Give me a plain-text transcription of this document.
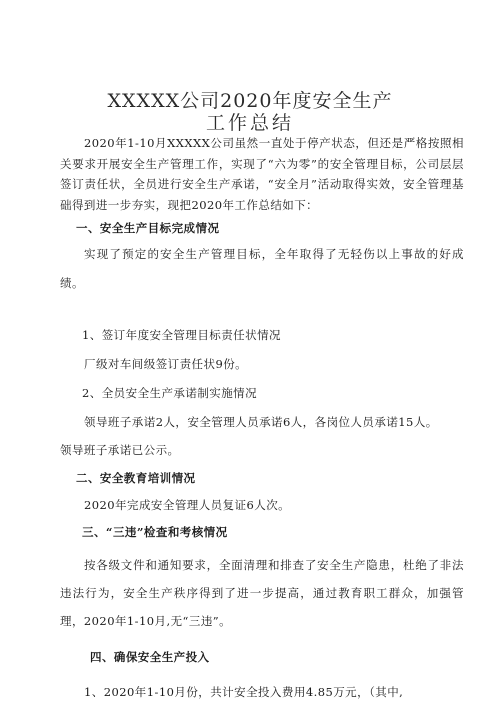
XXXXX公司2020年度安全生产
工作总结
2020年1-10月XXXXX公司虽然一直处于停产状态，但还是严格按照相关要求开展安全生产管理工作，实现了“六为零”的安全管理目标，公司层层签订责任状，全员进行安全生产承诺，“安全月”活动取得实效，安全管理基础得到进一步夯实，现把2020年工作总结如下：
一、安全生产目标完成情况
实现了预定的安全生产管理目标，全年取得了无轻伤以上事故的好成绩。
1、签订年度安全管理目标责任状情况
厂级对车间级签订责任状9份。
2、全员安全生产承诺制实施情况
领导班子承诺2人，安全管理人员承诺6人，各岗位人员承诺15人。
领导班子承诺已公示。
二、安全教育培训情况
2020年完成安全管理人员复证6人次。
三、“三违”检查和考核情况
按各级文件和通知要求，全面清理和排查了安全生产隐患，杜绝了非法违法行为，安全生产秩序得到了进一步提高，通过教育职工群众，加强管理，2020年1-10月,无“三违”。
四、确保安全生产投入
1、2020年1-10月份，共计安全投入费用4.85万元，（其中,
